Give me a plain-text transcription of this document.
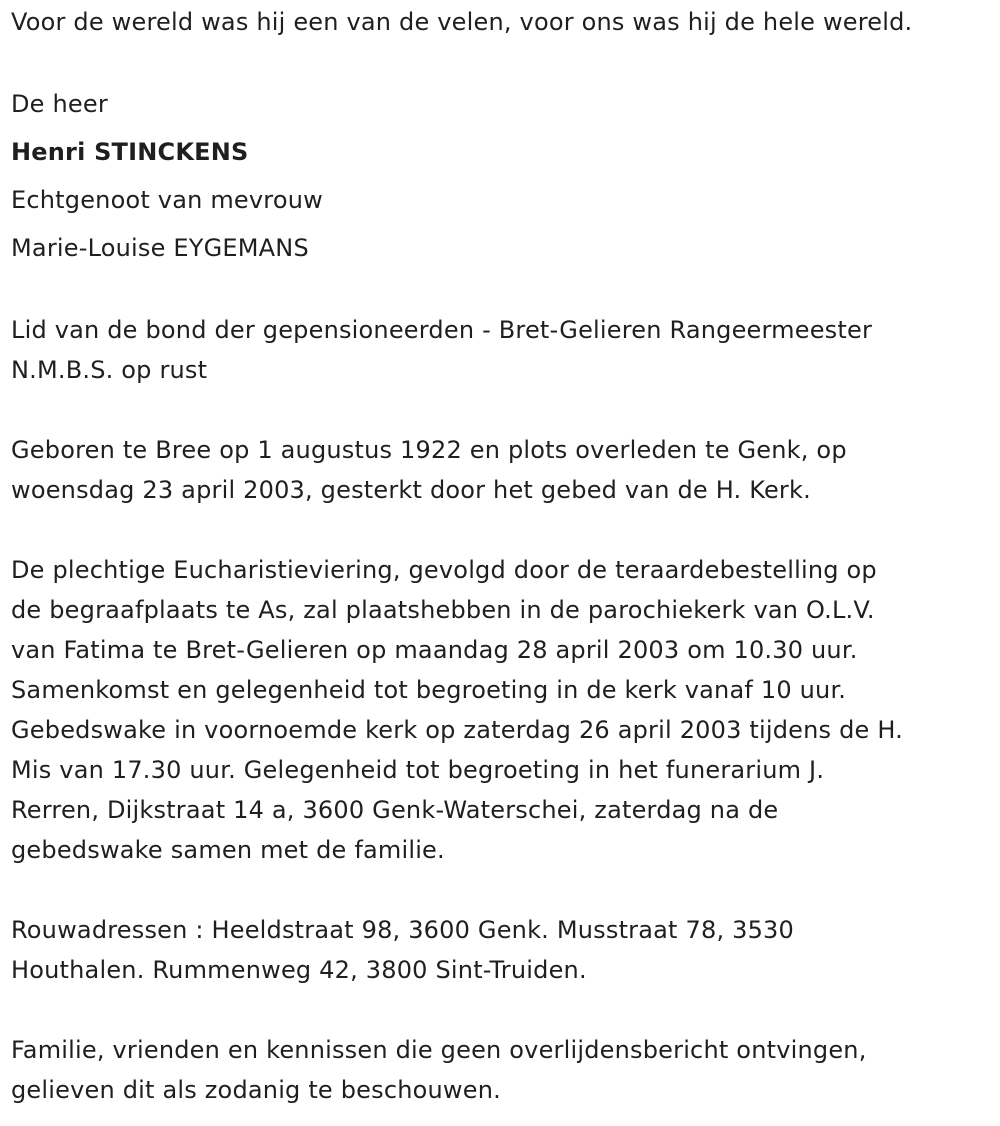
Voor de wereld was hij een van de velen, voor ons was hij de hele wereld.
De heer
Henri STINCKENS
Echtgenoot van mevrouw
Marie-Louise EYGEMANS
Lid van de bond der gepensioneerden - Bret-Gelieren Rangeermeester
N.M.B.S. op rust
Geboren te Bree op 1 augustus 1922 en plots overleden te Genk, op
woensdag 23 april 2003, gesterkt door het gebed van de H. Kerk.
De plechtige Eucharistieviering, gevolgd door de teraardebestelling op
de begraafplaats te As, zal plaatshebben in de parochiekerk van O.L.V.
van Fatima te Bret-Gelieren op maandag 28 april 2003 om 10.30 uur.
Samenkomst en gelegenheid tot begroeting in de kerk vanaf 10 uur.
Gebedswake in voornoemde kerk op zaterdag 26 april 2003 tijdens de H.
Mis van 17.30 uur. Gelegenheid tot begroeting in het funerarium J.
Rerren, Dijkstraat 14 a, 3600 Genk-Waterschei, zaterdag na de
gebedswake samen met de familie.
Rouwadressen : Heeldstraat 98, 3600 Genk. Musstraat 78, 3530
Houthalen. Rummenweg 42, 3800 Sint-Truiden.
Familie, vrienden en kennissen die geen overlijdensbericht ontvingen,
gelieven dit als zodanig te beschouwen.
